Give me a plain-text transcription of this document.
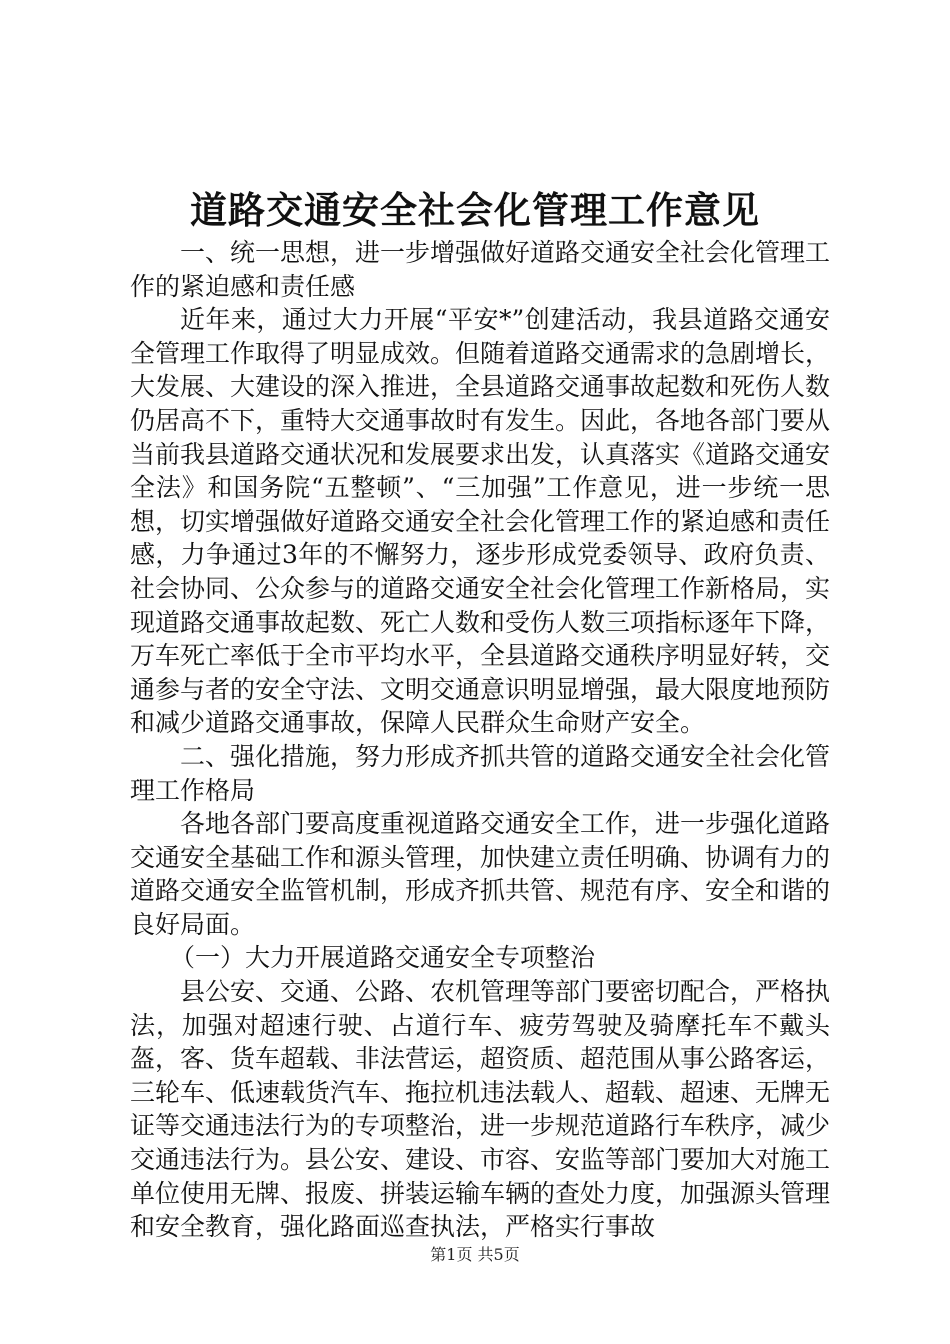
道路交通安全社会化管理工作意见

一、统一思想，进一步增强做好道路交通安全社会化管理工作的紧迫感和责任感

近年来，通过大力开展“平安*”创建活动，我县道路交通安全管理工作取得了明显成效。但随着道路交通需求的急剧增长，大发展、大建设的深入推进，全县道路交通事故起数和死伤人数仍居高不下，重特大交通事故时有发生。因此，各地各部门要从当前我县道路交通状况和发展要求出发，认真落实《道路交通安全法》和国务院“五整顿”、“三加强”工作意见，进一步统一思想，切实增强做好道路交通安全社会化管理工作的紧迫感和责任感，力争通过3年的不懈努力，逐步形成党委领导、政府负责、社会协同、公众参与的道路交通安全社会化管理工作新格局，实现道路交通事故起数、死亡人数和受伤人数三项指标逐年下降，万车死亡率低于全市平均水平，全县道路交通秩序明显好转，交通参与者的安全守法、文明交通意识明显增强，最大限度地预防和减少道路交通事故，保障人民群众生命财产安全。

二、强化措施，努力形成齐抓共管的道路交通安全社会化管理工作格局

各地各部门要高度重视道路交通安全工作，进一步强化道路交通安全基础工作和源头管理，加快建立责任明确、协调有力的道路交通安全监管机制，形成齐抓共管、规范有序、安全和谐的良好局面。

（一）大力开展道路交通安全专项整治

县公安、交通、公路、农机管理等部门要密切配合，严格执法，加强对超速行驶、占道行车、疲劳驾驶及骑摩托车不戴头盔，客、货车超载、非法营运，超资质、超范围从事公路客运，三轮车、低速载货汽车、拖拉机违法载人、超载、超速、无牌无证等交通违法行为的专项整治，进一步规范道路行车秩序，减少交通违法行为。县公安、建设、市容、安监等部门要加大对施工单位使用无牌、报废、拼装运输车辆的查处力度，加强源头管理和安全教育，强化路面巡查执法，严格实行事故

第1页 共5页
